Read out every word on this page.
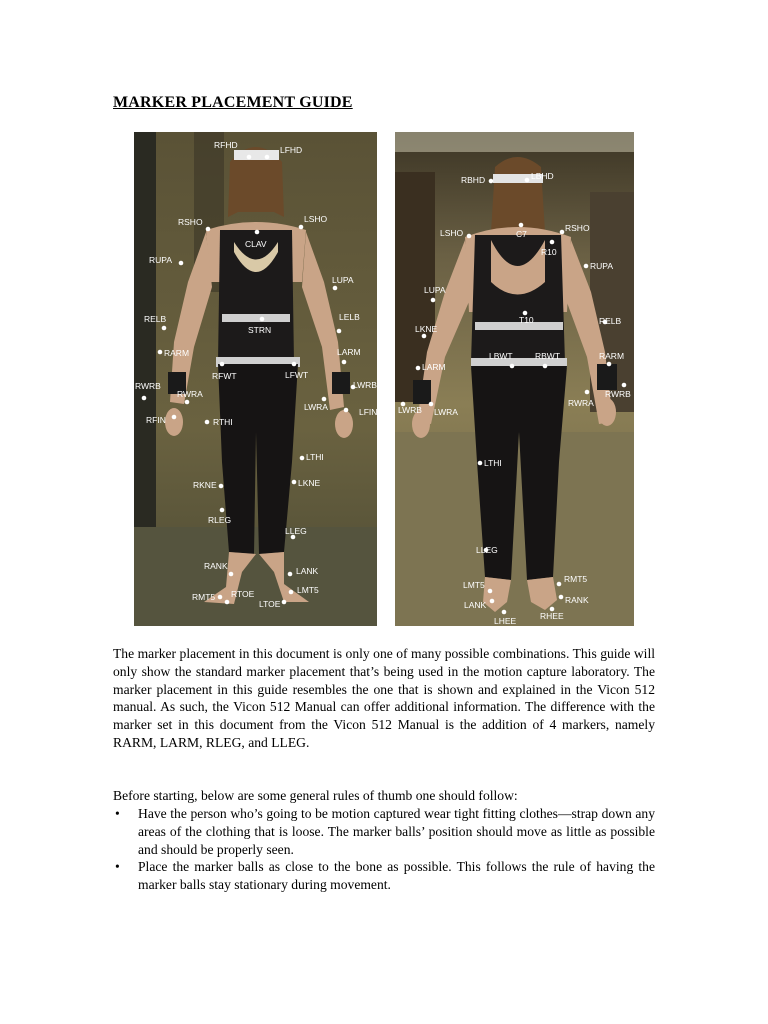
MARKER PLACEMENT GUIDE
RFHD	LFHD
RSHO	LSHO
CLAV
RUPA
LUPA
RELB	LELB
STRN
RARM	LARM
RFWT	LFWT
RWRB
RWRA
LWRB
LWRA	LFIN
RFIN	RTHI
LTHI
RKNE	LKNE
RLEG
LLEG
RANK	LANK
LMT5
RMT5 RTOE
LTOE
RBHD	LBHD
LSHO	C7
RSHO
R10
RUPA
LUPA
LKNE
T10	RELB
LBWT	RBWT	RARM
LARM
RWRB
RWRA
LWRB LWRA
LTHI
LLEG
RMT5
LMT5
RANK
LANK
LHEE	RHEE

The marker placement in this document is only one of many possible combinations. This guide will only show the standard marker placement that’s being used in the motion capture laboratory. The marker placement in this guide resembles the one that is shown and explained in the Vicon 512 manual. As such, the Vicon 512 Manual can offer additional information. The difference with the marker set in this document from the Vicon 512 Manual is the addition of 4 markers, namely RARM, LARM, RLEG, and LLEG.

Before starting, below are some general rules of thumb one should follow:

• Have the person who’s going to be motion captured wear tight fitting clothes—strap down any areas of the clothing that is loose. The marker balls’ position should move as little as possible and should be properly seen.
• Place the marker balls as close to the bone as possible. This follows the rule of having the marker balls stay stationary during movement.
